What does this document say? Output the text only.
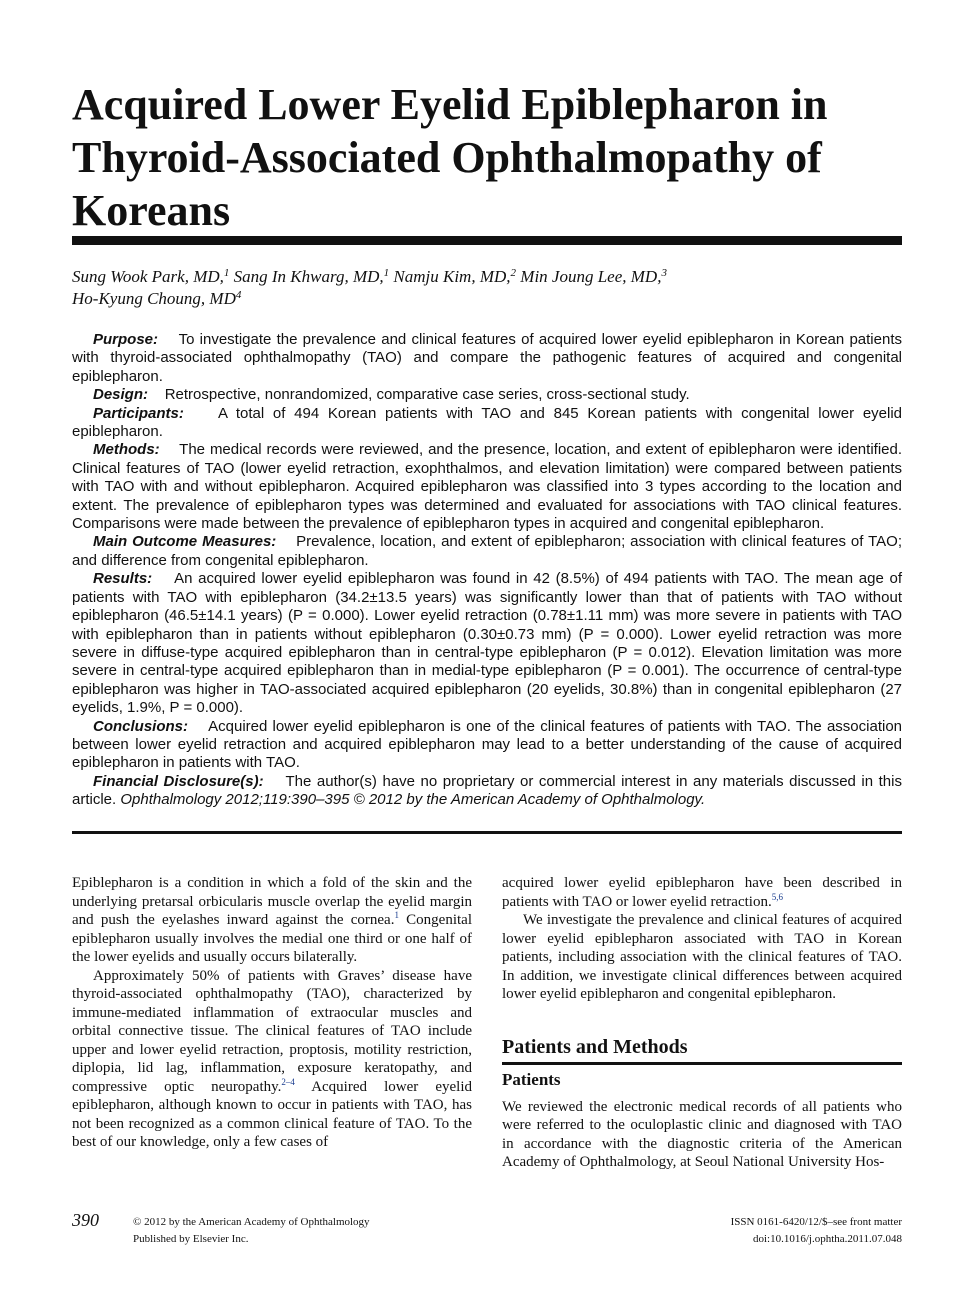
Acquired Lower Eyelid Epiblepharon in Thyroid-Associated Ophthalmopathy of Koreans
Sung Wook Park, MD,$^1$ Sang In Khwarg, MD,$^1$ Namju Kim, MD,$^2$ Min Joung Lee, MD,$^3$
Ho-Kyung Choung, $MD^4$

Purpose: To investigate the prevalence and clinical features of acquired lower eyelid epiblepharon in Korean patients with thyroid-associated ophthalmopathy (TAO) and compare the pathogenic features of acquired and congenital epiblepharon.

Design: Retrospective, nonrandomized, comparative case series, cross-sectional study.

Participants: A total of 494 Korean patients with TAO and 845 Korean patients with congenital lower eyelid epiblepharon.

Methods: The medical records were reviewed, and the presence, location, and extent of epiblepharon were identified. Clinical features of TAO (lower eyelid retraction, exophthalmos, and elevation limitation) were compared between patients with TAO with and without epiblepharon. Acquired epiblepharon was classified into 3 types according to the location and extent. The prevalence of epiblepharon types was determined and evaluated for associations with TAO clinical features. Comparisons were made between the prevalence of epiblepharon types in acquired and congenital epiblepharon.

Main Outcome Measures: Prevalence, location, and extent of epiblepharon; association with clinical features of TAO; and difference from congenital epiblepharon.

Results: An acquired lower eyelid epiblepharon was found in 42 (8.5%) of 494 patients with TAO. The mean age of patients with TAO with epiblepharon (34.2±13.5 years) was significantly lower than that of patients with TAO without epiblepharon (46.5±14.1 years) (P = 0.000). Lower eyelid retraction (0.78±1.11 mm) was more severe in patients with TAO with epiblepharon than in patients without epiblepharon (0.30±0.73 mm) (P = 0.000). Lower eyelid retraction was more severe in diffuse-type acquired epiblepharon than in central-type epiblepharon (P = 0.012). Elevation limitation was more severe in central-type acquired epiblepharon than in medial-type epiblepharon (P = 0.001). The occurrence of central-type epiblepharon was higher in TAO-associated acquired epiblepharon (20 eyelids, 30.8%) than in congenital epiblepharon (27 eyelids, 1.9%, P = 0.000).

Conclusions: Acquired lower eyelid epiblepharon is one of the clinical features of patients with TAO. The association between lower eyelid retraction and acquired epiblepharon may lead to a better understanding of the cause of acquired epiblepharon in patients with TAO.

Financial Disclosure(s): The author(s) have no proprietary or commercial interest in any materials discussed in this article. Ophthalmology 2012;119:390–395 © 2012 by the American Academy of Ophthalmology.

Epiblepharon is a condition in which a fold of the skin and the underlying pretarsal orbicularis muscle overlap the eyelid margin and push the eyelashes inward against the cornea.$^1$ Congenital epiblepharon usually involves the medial one third or one half of the lower eyelids and usually occurs bilaterally.

Approximately 50% of patients with Graves’ disease have thyroid-associated ophthalmopathy (TAO), characterized by immune-mediated inflammation of extraocular muscles and orbital connective tissue. The clinical features of TAO include upper and lower eyelid retraction, proptosis, motility restriction, diplopia, lid lag, inflammation, exposure keratopathy, and compressive optic neuropathy.$^{2-4}$ Acquired lower eyelid epiblepharon, although known to occur in patients with TAO, has not been recognized as a common clinical feature of TAO. To the best of our knowledge, only a few cases of

acquired lower eyelid epiblepharon have been described in patients with TAO or lower eyelid retraction.$^{5,6}$

We investigate the prevalence and clinical features of acquired lower eyelid epiblepharon associated with TAO in Korean patients, including association with the clinical features of TAO. In addition, we investigate clinical differences between acquired lower eyelid epiblepharon and congenital epiblepharon.

Patients and Methods
Patients

We reviewed the electronic medical records of all patients who were referred to the oculoplastic clinic and diagnosed with TAO in accordance with the diagnostic criteria of the American Academy of Ophthalmology, at Seoul National University Hos-

390	© 2012 by the American Academy of Ophthalmology
Published by Elsevier Inc.
ISSN 0161-6420/12/$–see front matter
doi:10.1016/j.ophtha.2011.07.048
